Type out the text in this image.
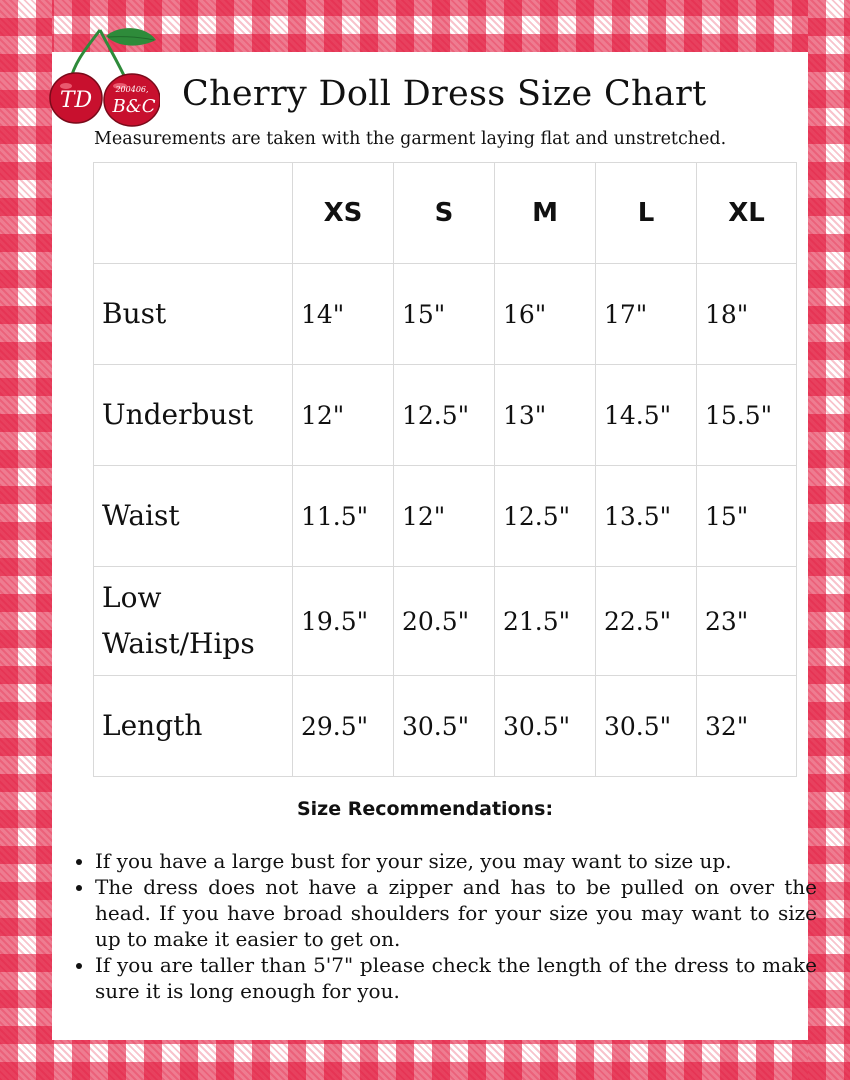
TD	200406,
B&C Cherry Doll Dress Size Chart
Measurements are taken with the garment laying flat and unstretched.
	XS	S	M	L	XL
Bust	14"	15"	16"	17"	18"
Underbust	12"	12.5"	13"	14.5"	15.5"
Waist	11.5"	12"	12.5"	13.5"	15"
Low Waist/Hips	19.5"	20.5"	21.5"	22.5"	23"
Length	29.5"	30.5"	30.5"	30.5"	32"
Size Recommendations:
• If you have a large bust for your size, you may want to size up.
• The dress does not have a zipper and has to be pulled on over the head. If you have broad shoulders for your size you may want to size up to make it easier to get on.
• If you are taller than 5'7" please check the length of the dress to make sure it is long enough for you.
